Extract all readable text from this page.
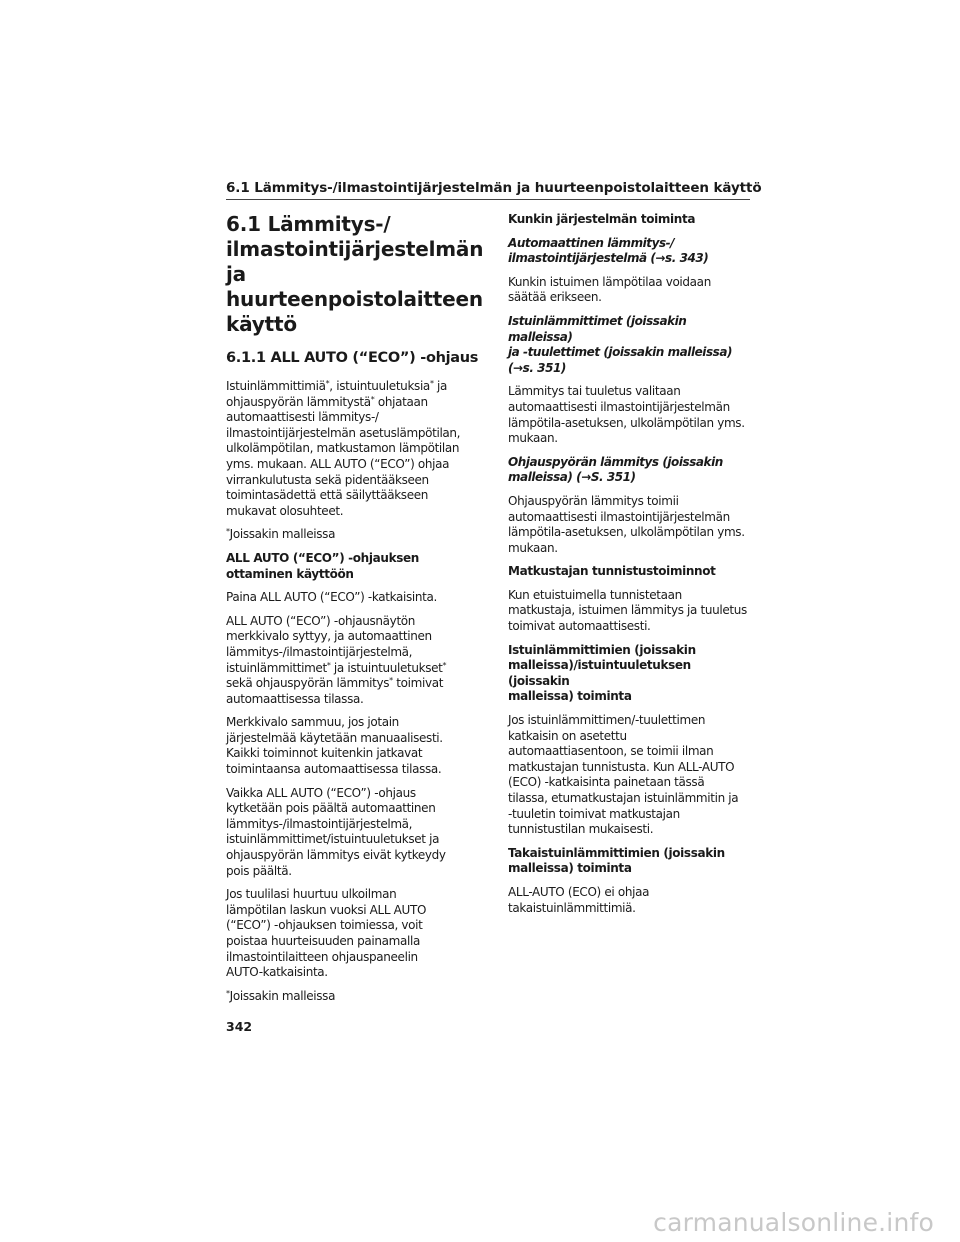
6.1 Lämmitys-/ilmastointijärjestelmän ja huurteenpoistolaitteen käyttö
6.1 Lämmitys-/ ilmastointijärjestelmän ja huurteenpoistolaitteen käyttö
6.1.1 ALL AUTO (“ECO”) -ohjaus
Istuinlämmittimiä*, istuintuuletuksia* ja
ohjauspyörän lämmitystä* ohjataan
automaattisesti lämmitys-/
ilmastointijärjestelmän asetuslämpötilan,
ulkolämpötilan, matkustamon lämpötilan
yms. mukaan. ALL AUTO (“ECO”) ohjaa
virrankulutusta sekä pidentääkseen
toimintasädettä että säilyttääkseen
mukavat olosuhteet.
*Joissakin malleissa
ALL AUTO (“ECO”) -ohjauksen
ottaminen käyttöön
Paina ALL AUTO (“ECO”) -katkaisinta.
ALL AUTO (“ECO”) -ohjausnäytön
merkkivalo syttyy, ja automaattinen
lämmitys-/ilmastointijärjestelmä,
istuinlämmittimet* ja istuintuuletukset*
sekä ohjauspyörän lämmitys* toimivat
automaattisessa tilassa.
Merkkivalo sammuu, jos jotain
järjestelmää käytetään manuaalisesti.
Kaikki toiminnot kuitenkin jatkavat
toimintaansa automaattisessa tilassa.
Vaikka ALL AUTO (“ECO”) -ohjaus
kytketään pois päältä automaattinen
lämmitys-/ilmastointijärjestelmä,
istuinlämmittimet/istuintuuletukset ja
ohjauspyörän lämmitys eivät kytkeydy
pois päältä.
Jos tuulilasi huurtuu ulkoilman
lämpötilan laskun vuoksi ALL AUTO
(“ECO”) -ohjauksen toimiessa, voit
poistaa huurteisuuden painamalla
ilmastointilaitteen ohjauspaneelin
AUTO-katkaisinta.
*Joissakin malleissa
Kunkin järjestelmän toiminta
Automaattinen lämmitys-/
ilmastointijärjestelmä (→s. 343)
Kunkin istuimen lämpötilaa voidaan
säätää erikseen.
Istuinlämmittimet (joissakin malleissa)
ja -tuulettimet (joissakin malleissa)
(→s. 351)
Lämmitys tai tuuletus valitaan
automaattisesti ilmastointijärjestelmän
lämpötila-asetuksen, ulkolämpötilan yms.
mukaan.
Ohjauspyörän lämmitys (joissakin
malleissa) (→S. 351)
Ohjauspyörän lämmitys toimii
automaattisesti ilmastointijärjestelmän
lämpötila-asetuksen, ulkolämpötilan yms.
mukaan.
Matkustajan tunnistustoiminnot
Kun etuistuimella tunnistetaan
matkustaja, istuimen lämmitys ja tuuletus
toimivat automaattisesti.
Istuinlämmittimien (joissakin
malleissa)/istuintuuletuksen (joissakin
malleissa) toiminta
Jos istuinlämmittimen/-tuulettimen
katkaisin on asetettu
automaattiasentoon, se toimii ilman
matkustajan tunnistusta. Kun ALL-AUTO
(ECO) -katkaisinta painetaan tässä
tilassa, etumatkustajan istuinlämmitin ja
-tuuletin toimivat matkustajan
tunnistustilan mukaisesti.
Takaistuinlämmittimien (joissakin
malleissa) toiminta
ALL-AUTO (ECO) ei ohjaa
takaistuinlämmittimiä.
342
carmanualsonline.info
